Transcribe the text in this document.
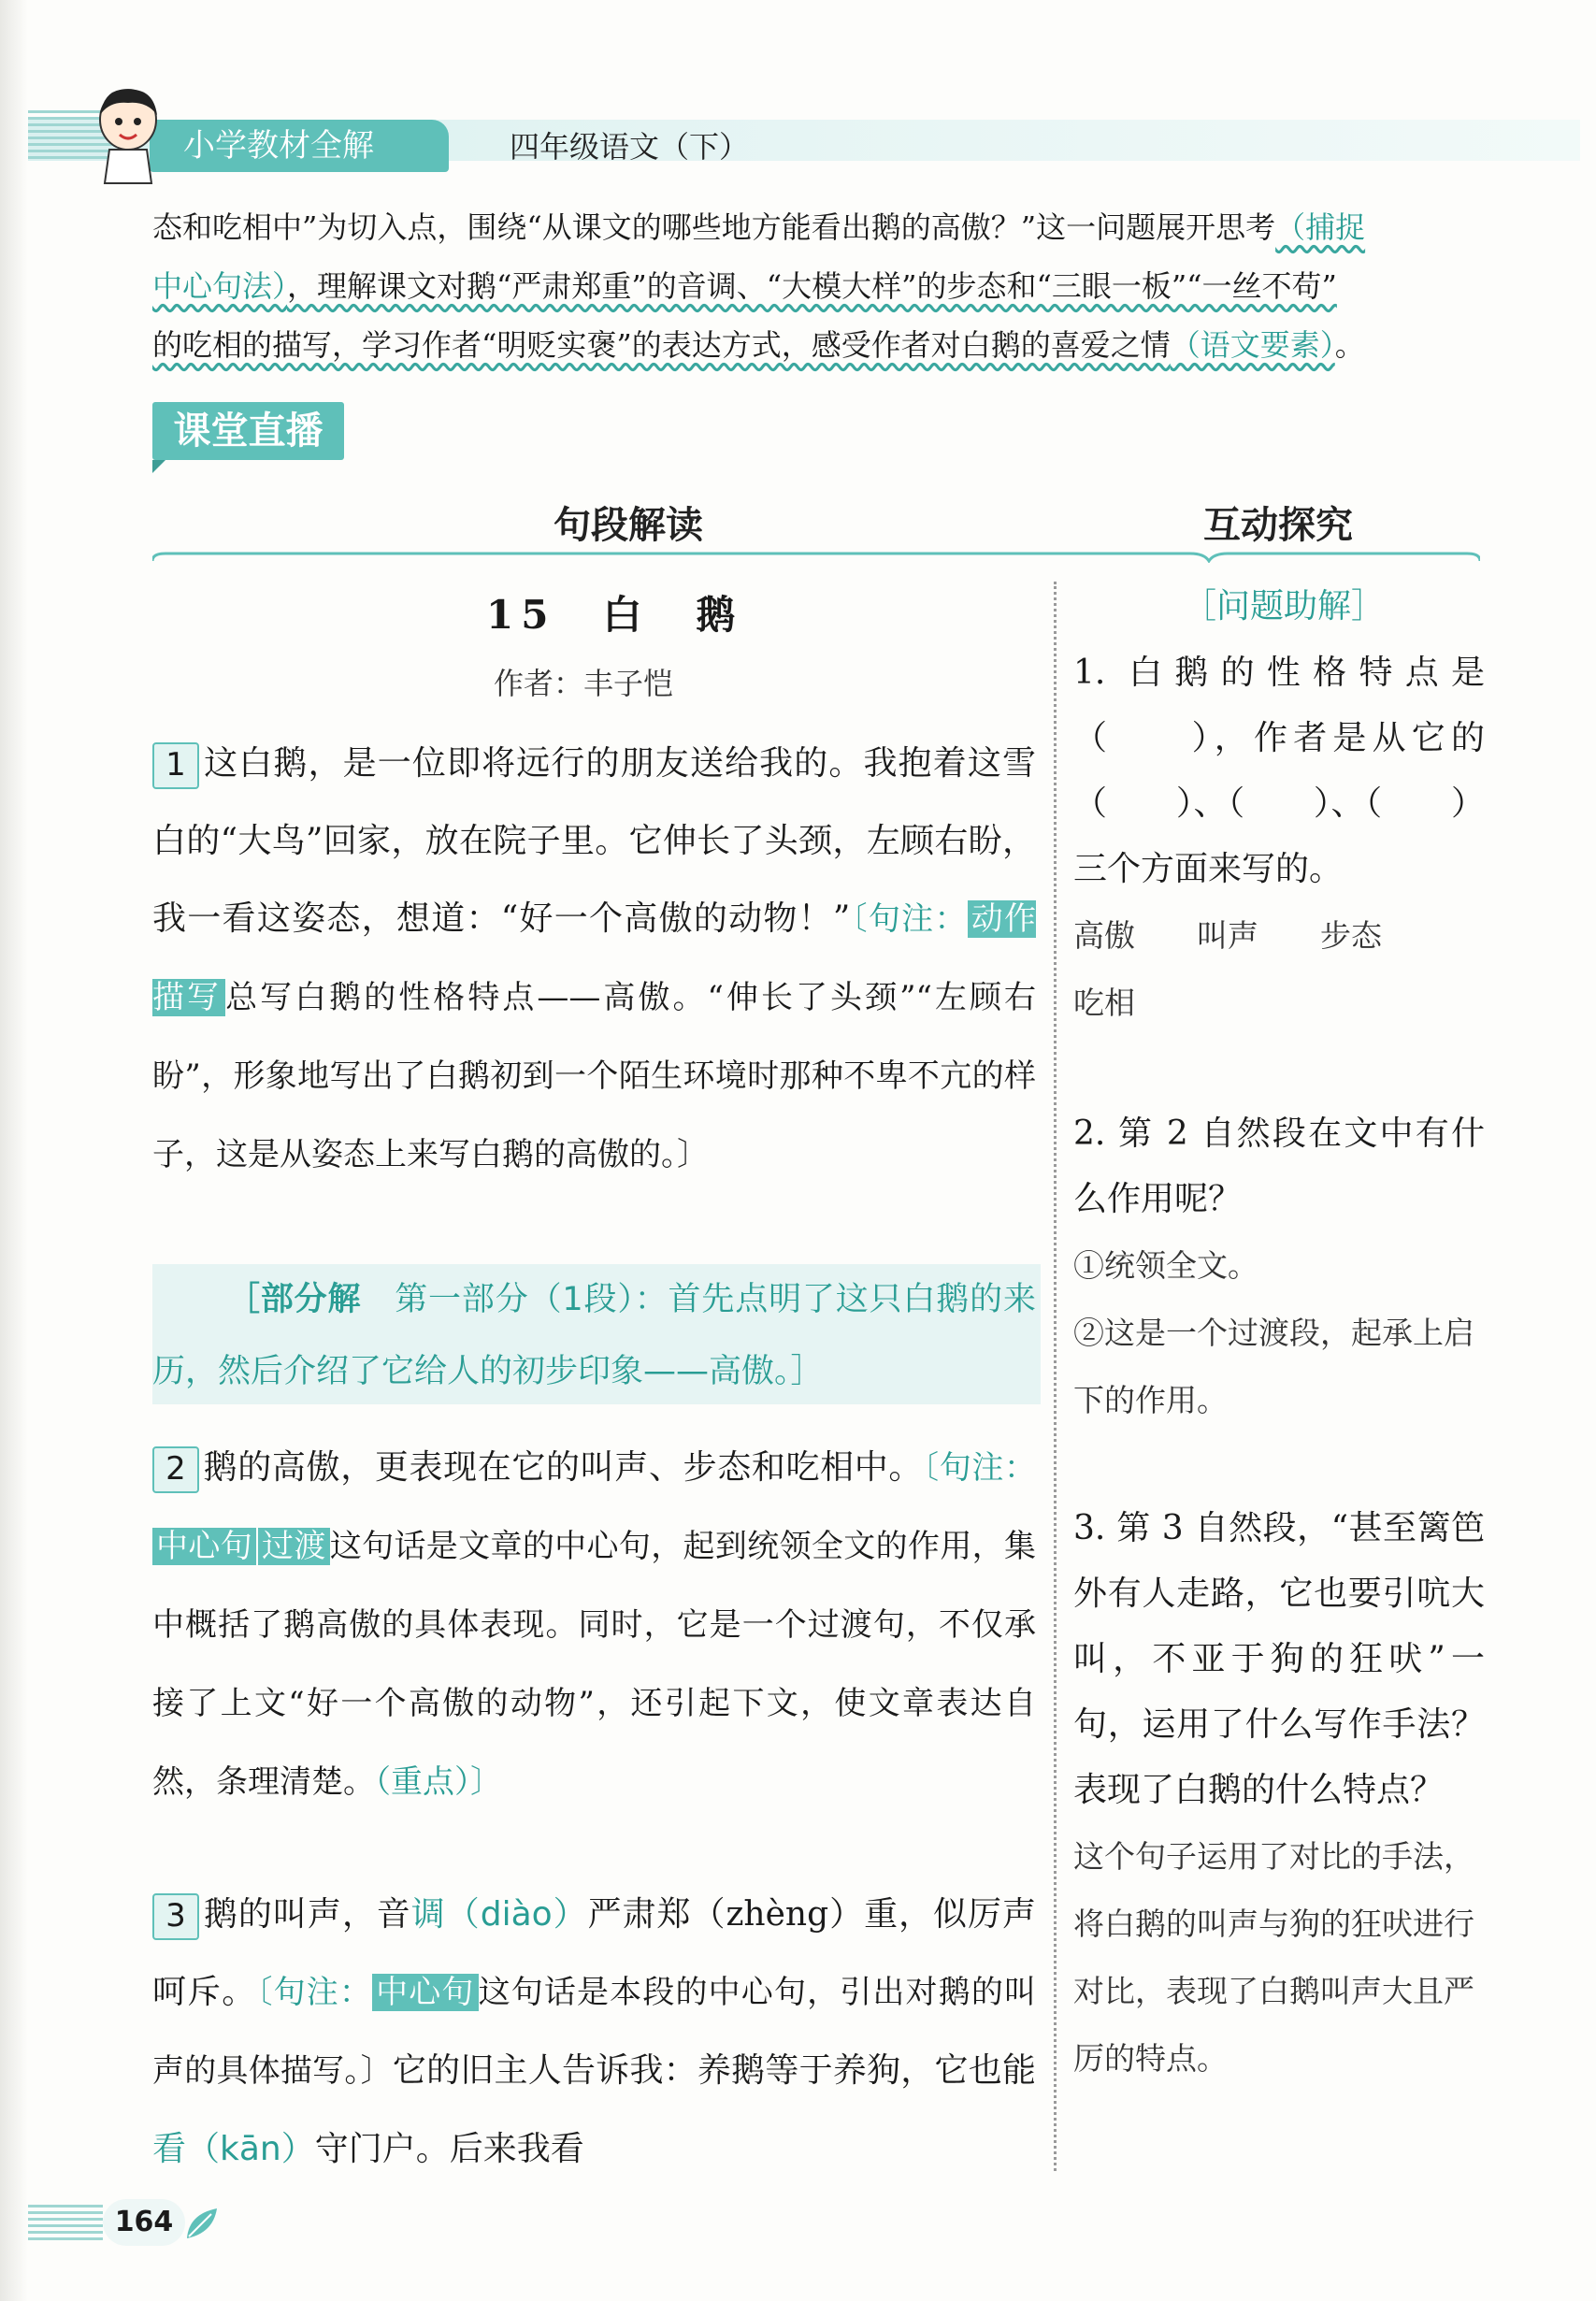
小学教材全解	四年级语文（下）
态和吃相中”为切入点，围绕“从课文的哪些地方能看出鹅的高傲？”这一问题展开思考（捕捉
中心句法），理解课文对鹅“严肃郑重”的音调、“大模大样”的步态和“三眼一板”“一丝不苟”
的吃相的描写，学习作者“明贬实褒”的表达方式，感受作者对白鹅的喜爱之情（语文要素）。
课堂直播
句段解读	互动探究
15　白　鹅
作者：丰子恺
1 这白鹅，是一位即将远行的朋友送给我的。我抱着这雪白的“大鸟”回家，放在院子里。它伸长了头颈，左顾右盼，我一看这姿态，想道：“好一个高傲的动物！”〔句注： 动作描写 总写白鹅的性格特点——高傲。“伸长了头颈”“左顾右盼”，形象地写出了白鹅初到一个陌生环境时那种不卑不亢的样子，这是从姿态上来写白鹅的高傲的。〕
［部分解　 第一部分（1段）：首先点明了这只白鹅的来历，然后介绍了它给人的初步印象——高傲。］
2 鹅的高傲，更表现在它的叫声、步态和吃相中。〔句注：中心句 过渡 这句话是文章的中心句，起到统领全文的作用，集中概括了鹅高傲的具体表现。同时，它是一个过渡句，不仅承接了上文“好一个高傲的动物”，还引起下文，使文章表达自然，条理清楚。（重点）〕
3 鹅的叫声，音调（diào）严肃郑（zhèng）重，似厉声呵斥。〔句注： 中心句 这句话是本段的中心句，引出对鹅的叫声的具体描写。〕它的旧主人告诉我：养鹅等于养狗，它也能看（kān）守门户。后来我看
［问题助解］
1. 白鹅的性格特点是（　　），作者是从它的（　　）、（　　）、（　　）三个方面来写的。
高傲　　叫声　　步态
吃相
2. 第 2 自然段在文中有什么作用呢？
①统领全文。
②这是一个过渡段，起承上启下的作用。
3. 第 3 自然段，“甚至篱笆外有人走路，它也要引吭大叫，不亚于狗的狂吠”一句，运用了什么写作手法？表现了白鹅的什么特点？
这个句子运用了对比的手法，将白鹅的叫声与狗的狂吠进行对比，表现了白鹅叫声大且严厉的特点。
164
